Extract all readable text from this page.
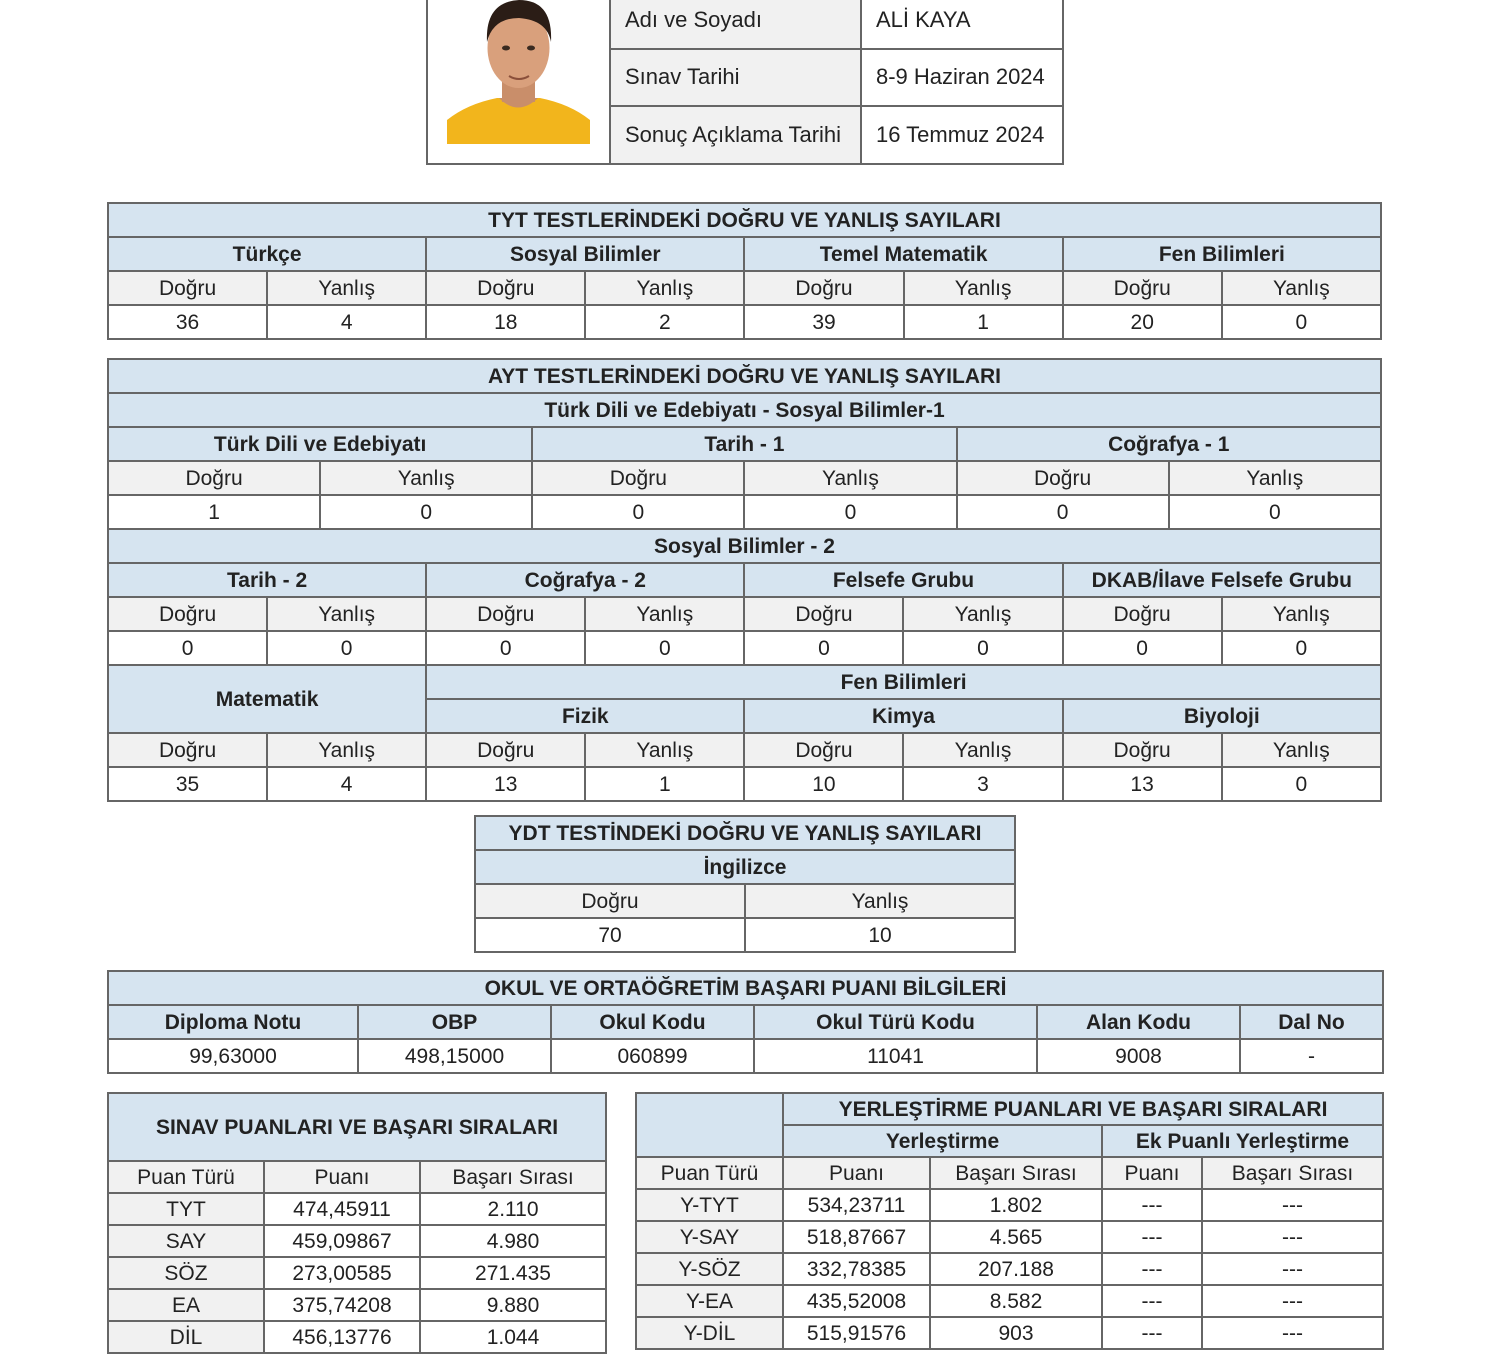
	Adı ve Soyadı	ALİ KAYA
	Sınav Tarihi	8-9 Haziran 2024
	Sonuç Açıklama Tarihi	16 Temmuz 2024
TYT TESTLERİNDEKİ DOĞRU VE YANLIŞ SAYILARI							
Türkçe		Sosyal Bilimler		Temel Matematik		Fen Bilimleri	
Doğru	Yanlış	Doğru	Yanlış	Doğru	Yanlış	Doğru	Yanlış
36	4	18	2	39	1	20	0
AYT TESTLERİNDEKİ DOĞRU VE YANLIŞ SAYILARI											
Türk Dili ve Edebiyatı - Sosyal Bilimler-1											
Türk Dili ve Edebiyatı				Tarih - 1				Coğrafya - 1			
Doğru		Yanlış		Doğru		Yanlış		Doğru		Yanlış	
1		0		0		0		0		0	
Sosyal Bilimler - 2											
Tarih - 2			Coğrafya - 2			Felsefe Grubu			DKAB/İlave Felsefe Grubu		
Doğru	Yanlış		Doğru		Yanlış	Doğru	Yanlış		Doğru		Yanlış
0	0		0		0	0	0		0		0
Matematik			Fen Bilimleri								
			Fizik			Kimya			Biyoloji		
Doğru	Yanlış		Doğru		Yanlış	Doğru	Yanlış		Doğru		Yanlış
35	4		13		1	10	3		13		0
YDT TESTİNDEKİ DOĞRU VE YANLIŞ SAYILARI	
İngilizce	
Doğru	Yanlış
70	10
OKUL VE ORTAÖĞRETİM BAŞARI PUANI BİLGİLERİ					
Diploma Notu	OBP	Okul Kodu	Okul Türü Kodu	Alan Kodu	Dal No
99,63000	498,15000	060899	11041	9008	-
SINAV PUANLARI VE BAŞARI SIRALARI		
Puan Türü	Puanı	Başarı Sırası
TYT	474,45911	2.110
SAY	459,09867	4.980
SÖZ	273,00585	271.435
EA	375,74208	9.880
DİL	456,13776	1.044
	YERLEŞTİRME PUANLARI VE BAŞARI SIRALARI			
	Yerleştirme		Ek Puanlı Yerleştirme	
Puan Türü	Puanı	Başarı Sırası	Puanı	Başarı Sırası
Y-TYT	534,23711	1.802	---	---
Y-SAY	518,87667	4.565	---	---
Y-SÖZ	332,78385	207.188	---	---
Y-EA	435,52008	8.582	---	---
Y-DİL	515,91576	903	---	---
